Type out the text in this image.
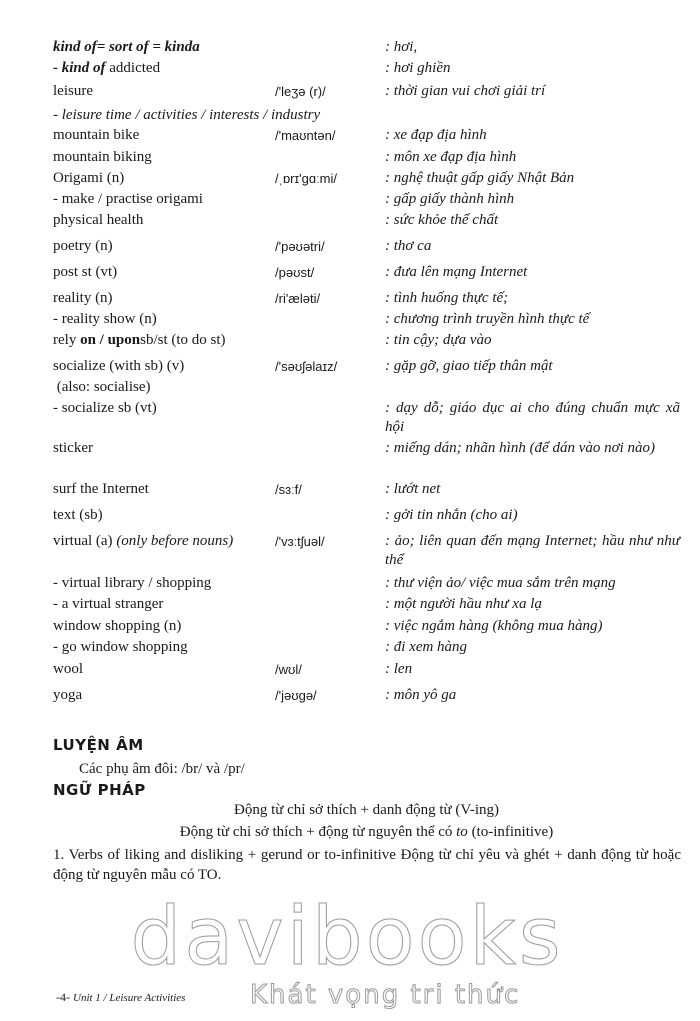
kind of= sort of = kinda	: hơi,
- kind of addicted	: hơi ghiền
leisure	/'leʒə (r)/	: thời gian vui chơi giải trí
- leisure time / activities / interests / industry
mountain bike	/'maʊntən/	: xe đạp địa hình
mountain biking	: môn xe đạp địa hình
Origami (n)	/ˌɒrɪ'gɑːmi/	: nghệ thuật gấp giấy Nhật Bản
- make / practise origami	: gấp giấy thành hình
physical health	: sức khỏe thể chất
poetry (n)	/'pəʊətri/	: thơ ca
post st (vt)	/pəʊst/	: đưa lên mạng Internet
reality (n)	/ri'æləti/	: tình huống thực tế;
- reality show (n)	: chương trình truyền hình thực tế
rely on / uponsb/st (to do st)	: tin cậy; dựa vào
socialize (with sb) (v)	/'səʊʃəlaɪz/	: gặp gỡ, giao tiếp thân mật
(also: socialise)
- socialize sb (vt)	: dạy dỗ; giáo dục ai cho đúng chuẩn mực xã hội
sticker	: miếng dán; nhãn hình (để dán vào nơi nào)
surf the Internet	/sɜːf/	: lướt net
text (sb)	: gởi tin nhắn (cho ai)
virtual (a) (only before nouns)	/'vɜːtʃuəl/	: ảo; liên quan đến mạng Internet; hầu như như thể
- virtual library / shopping	: thư viện ảo/ việc mua sắm trên mạng
- a virtual stranger	: một người hầu như xa lạ
window shopping (n)	: việc ngắm hàng (không mua hàng)
- go window shopping	: đi xem hàng
wool	/wʊl/	: len
yoga	/'jəʊgə/	: môn yô ga
LUYỆN ÂM
Các phụ âm đôi: /br/ và /pr/
NGỮ PHÁP
Động từ chỉ sở thích + danh động từ (V-ing)
Động từ chỉ sở thích + động từ nguyên thể có to (to-infinitive)
1. Verbs of liking and disliking + gerund or to-infinitive Động từ chỉ yêu và ghét + danh động từ hoặc động từ nguyên mẫu có TO.
davibooks
Khát vọng tri thức
-4- Unit 1 / Leisure Activities
